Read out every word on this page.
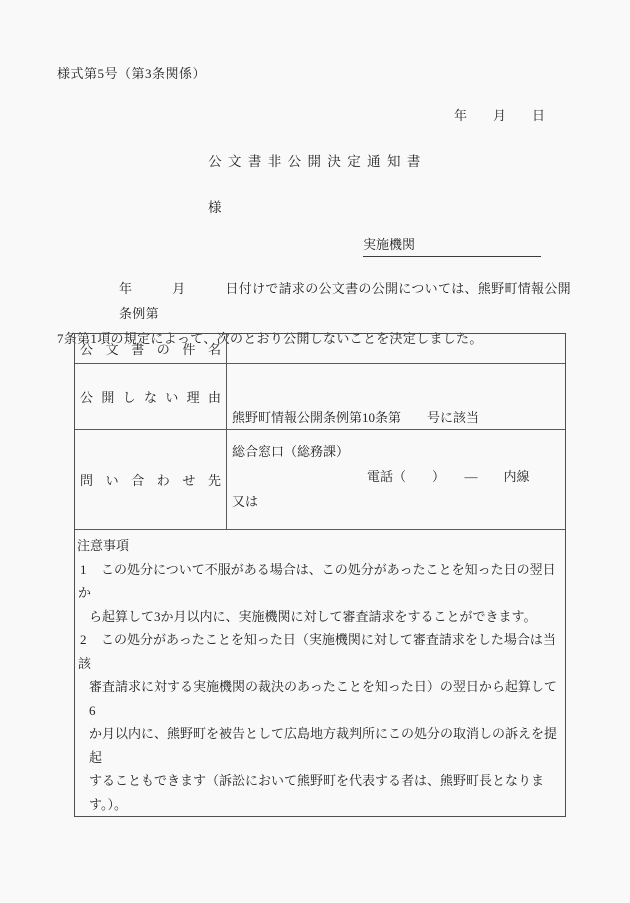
様式第5号（第3条関係）
年　　月　　日
公 文 書 非 公 開 決 定 通 知 書
様
実施機関
年　　　月　　　日付けで請求の公文書の公開については、熊野町情報公開条例第
7条第1項の規定によって、次のとおり公開しないことを決定しました。
公 文 書 の 件 名
公 開 し な い 理 由
熊野町情報公開条例第10条第　　号に該当
問 い 合 わ せ 先
総合窓口（総務課）
電話（　　）　　—　　内線
又は
注意事項
1 この処分について不服がある場合は、この処分があったことを知った日の翌日か
ら起算して3か月以内に、実施機関に対して審査請求をすることができます。
2 この処分があったことを知った日（実施機関に対して審査請求をした場合は当該
審査請求に対する実施機関の裁決のあったことを知った日）の翌日から起算して6
か月以内に、熊野町を被告として広島地方裁判所にこの処分の取消しの訴えを提起
することもできます（訴訟において熊野町を代表する者は、熊野町長となります。）。
